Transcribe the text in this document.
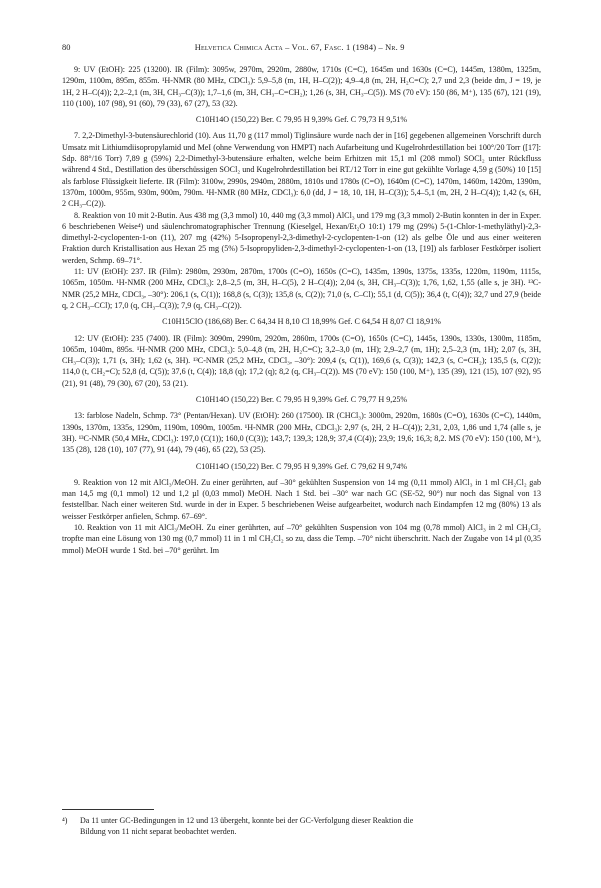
80	Helvetica Chimica Acta – Vol. 67, Fasc. 1 (1984) – Nr. 9

9: UV (EtOH): 225 (13200). IR (Film): 3095w, 2970m, 2920m, 2880w, 1710s (C=C), 1645m und 1630s (C=C), 1445m, 1380m, 1325m, 1290m, 1100m, 895m, 855m. ¹H-NMR (80 MHz, CDCl₃): 5,9–5,8 (m, 1H, H–C(2)); 4,9–4,8 (m, 2H, H₂C=C); 2,7 und 2,3 (beide dm, J = 19, je 1H, 2 H–C(4)); 2,2–2,1 (m, 3H, CH₃–C(3)); 1,7–1,6 (m, 3H, CH₃–C=CH₂); 1,26 (s, 3H, CH₃–C(5)). MS (70 eV): 150 (86, M⁺), 135 (67), 121 (19), 110 (100), 107 (98), 91 (60), 79 (33), 67 (27), 53 (32).

C10H14O (150,22) Ber. C 79,95 H 9,39% Gef. C 79,73 H 9,51%

7. 2,2-Dimethyl-3-butensäurechlorid (10). Aus 11,70 g (117 mmol) Tiglinsäure wurde nach der in [16] gegebenen allgemeinen Vorschrift durch Umsatz mit Lithiumdiisopropylamid und MeI (ohne Verwendung von HMPT) nach Aufarbeitung und Kugelrohrdestillation bei 100°/20 Torr ([17]: Sdp. 88°/16 Torr) 7,89 g (59%) 2,2-Dimethyl-3-butensäure erhalten, welche beim Erhitzen mit 15,1 ml (208 mmol) SOCl₂ unter Rückfluss während 4 Std., Destillation des überschüssigen SOCl₂ und Kugelrohrdestillation bei RT./12 Torr in eine gut gekühlte Vorlage 4,59 g (50%) 10 [15] als farblose Flüssigkeit lieferte. IR (Film): 3100w, 2990s, 2940m, 2880m, 1810s und 1780s (C=O), 1640m (C=C), 1470m, 1460m, 1420m, 1390m, 1370m, 1000m, 955m, 930m, 900m, 790m. ¹H-NMR (80 MHz, CDCl₃): 6,0 (dd, J = 18, 10, 1H, H–C(3)); 5,4–5,1 (m, 2H, 2 H–C(4)); 1,42 (s, 6H, 2 CH₃–C(2)).

8. Reaktion von 10 mit 2-Butin. Aus 438 mg (3,3 mmol) 10, 440 mg (3,3 mmol) AlCl₃ und 179 mg (3,3 mmol) 2-Butin konnten in der in Exper. 6 beschriebenen Weise⁴) und säulenchromatographischer Trennung (Kieselgel, Hexan/Et₂O 10:1) 179 mg (29%) 5-(1-Chlor-1-methyläthyl)-2,3-dimethyl-2-cyclopenten-1-on (11), 207 mg (42%) 5-Isopropenyl-2,3-dimethyl-2-cyclopenten-1-on (12) als gelbe Öle und aus einer weiteren Fraktion durch Kristallisation aus Hexan 25 mg (5%) 5-Isopropyliden-2,3-dimethyl-2-cyclopenten-1-on (13, [19]) als farbloser Festkörper isoliert werden, Schmp. 69–71°.

11: UV (EtOH): 237. IR (Film): 2980m, 2930m, 2870m, 1700s (C=O), 1650s (C=C), 1435m, 1390s, 1375s, 1335s, 1220m, 1190m, 1115s, 1065m, 1050m. ¹H-NMR (200 MHz, CDCl₃): 2,8–2,5 (m, 3H, H–C(5), 2 H–C(4)); 2,04 (s, 3H, CH₃–C(3)); 1,76, 1,62, 1,55 (alle s, je 3H). ¹³C-NMR (25,2 MHz, CDCl₃, –30°): 206,1 (s, C(1)); 168,8 (s, C(3)); 135,8 (s, C(2)); 71,0 (s, C–Cl); 55,1 (d, C(5)); 36,4 (t, C(4)); 32,7 und 27,9 (beide q, 2 CH₃–CCl); 17,0 (q, CH₃–C(3)); 7,9 (q, CH₃–C(2)).

C10H15ClO (186,68) Ber. C 64,34 H 8,10 Cl 18,99% Gef. C 64,54 H 8,07 Cl 18,91%

12: UV (EtOH): 235 (7400). IR (Film): 3090m, 2990m, 2920m, 2860m, 1700s (C=O), 1650s (C=C), 1445s, 1390s, 1330s, 1300m, 1185m, 1065m, 1040m, 895s. ¹H-NMR (200 MHz, CDCl₃): 5,0–4,8 (m, 2H, H₂C=C); 3,2–3,0 (m, 1H); 2,9–2,7 (m, 1H); 2,5–2,3 (m, 1H); 2,07 (s, 3H, CH₃–C(3)); 1,71 (s, 3H); 1,62 (s, 3H). ¹³C-NMR (25,2 MHz, CDCl₃, –30°): 209,4 (s, C(1)), 169,6 (s, C(3)); 142,3 (s, C=CH₂); 135,5 (s, C(2)); 114,0 (t, CH₂=C); 52,8 (d, C(5)); 37,6 (t, C(4)); 18,8 (q); 17,2 (q); 8,2 (q, CH₃–C(2)). MS (70 eV): 150 (100, M⁺), 135 (39), 121 (15), 107 (92), 95 (21), 91 (48), 79 (30), 67 (20), 53 (21).

C10H14O (150,22) Ber. C 79,95 H 9,39% Gef. C 79,77 H 9,25%

13: farblose Nadeln, Schmp. 73° (Pentan/Hexan). UV (EtOH): 260 (17500). IR (CHCl₃): 3000m, 2920m, 1680s (C=O), 1630s (C=C), 1440m, 1390s, 1370m, 1335s, 1290m, 1190m, 1090m, 1005m. ¹H-NMR (200 MHz, CDCl₃): 2,97 (s, 2H, 2 H–C(4)); 2,31, 2,03, 1,86 und 1,74 (alle s, je 3H). ¹³C-NMR (50,4 MHz, CDCl₃): 197,0 (C(1)); 160,0 (C(3)); 143,7; 139,3; 128,9; 37,4 (C(4)); 23,9; 19,6; 16,3; 8,2. MS (70 eV): 150 (100, M⁺), 135 (28), 128 (10), 107 (77), 91 (44), 79 (46), 65 (22), 53 (25).

C10H14O (150,22) Ber. C 79,95 H 9,39% Gef. C 79,62 H 9,74%

9. Reaktion von 12 mit AlCl₃/MeOH. Zu einer gerührten, auf –30° gekühlten Suspension von 14 mg (0,11 mmol) AlCl₃ in 1 ml CH₂Cl₂ gab man 14,5 mg (0,1 mmol) 12 und 1,2 µl (0,03 mmol) MeOH. Nach 1 Std. bei –30° war nach GC (SE-52, 90°) nur noch das Signal von 13 feststellbar. Nach einer weiteren Std. wurde in der in Exper. 5 beschriebenen Weise aufgearbeitet, wodurch nach Eindampfen 12 mg (80%) 13 als weisser Festkörper anfielen, Schmp. 67–69°.

10. Reaktion von 11 mit AlCl₃/MeOH. Zu einer gerührten, auf –70° gekühlten Suspension von 104 mg (0,78 mmol) AlCl₃ in 2 ml CH₂Cl₂ tropfte man eine Lösung von 130 mg (0,7 mmol) 11 in 1 ml CH₂Cl₂ so zu, dass die Temp. –70° nicht überschritt. Nach der Zugabe von 14 µl (0,35 mmol) MeOH wurde 1 Std. bei –70° gerührt. Im

⁴) Da 11 unter GC-Bedingungen in 12 und 13 übergeht, konnte bei der GC-Verfolgung dieser Reaktion die
Bildung von 11 nicht separat beobachtet werden.
